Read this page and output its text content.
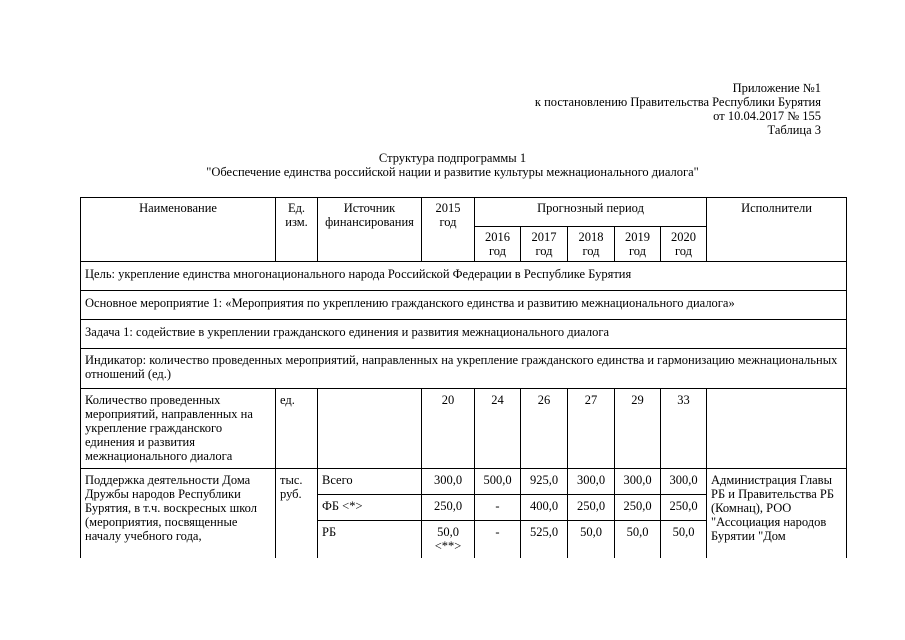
Приложение №1
к постановлению Правительства Республики Бурятия
от 10.04.2017 № 155
Таблица 3
Структура подпрограммы 1
"Обеспечение единства российской нации и развитие культуры межнационального диалога"
Наименование	Ед. изм.	Источник финансирования	2015 год	Прогнозный период					Исполнители
				2016 год	2017 год	2018 год	2019 год	2020 год	
Цель: укрепление единства многонационального народа Российской Федерации в Республике Бурятия									
Основное мероприятие 1: «Мероприятия по укреплению гражданского единства и развитию межнационального диалога»									
Задача 1: содействие в укреплении гражданского единения и развития межнационального диалога									
Индикатор: количество проведенных мероприятий, направленных на укрепление гражданского единства и гармонизацию межнациональных отношений (ед.)									
Количество проведенных мероприятий, направленных на укрепление гражданского единения и развития межнационального диалога	ед.		20	24	26	27	29	33	
Поддержка деятельности Дома Дружбы народов Республики Бурятия, в т.ч. воскресных школ (мероприятия, посвященные началу учебного года,	тыс. руб.	Всего	300,0	500,0	925,0	300,0	300,0	300,0	Администрация Главы РБ и Правительства РБ (Комнац), РОО "Ассоциация народов Бурятии "Дом
		ФБ <*>	250,0	-	400,0	250,0	250,0	250,0	
		РБ	50,0 <**>	-	525,0	50,0	50,0	50,0	
